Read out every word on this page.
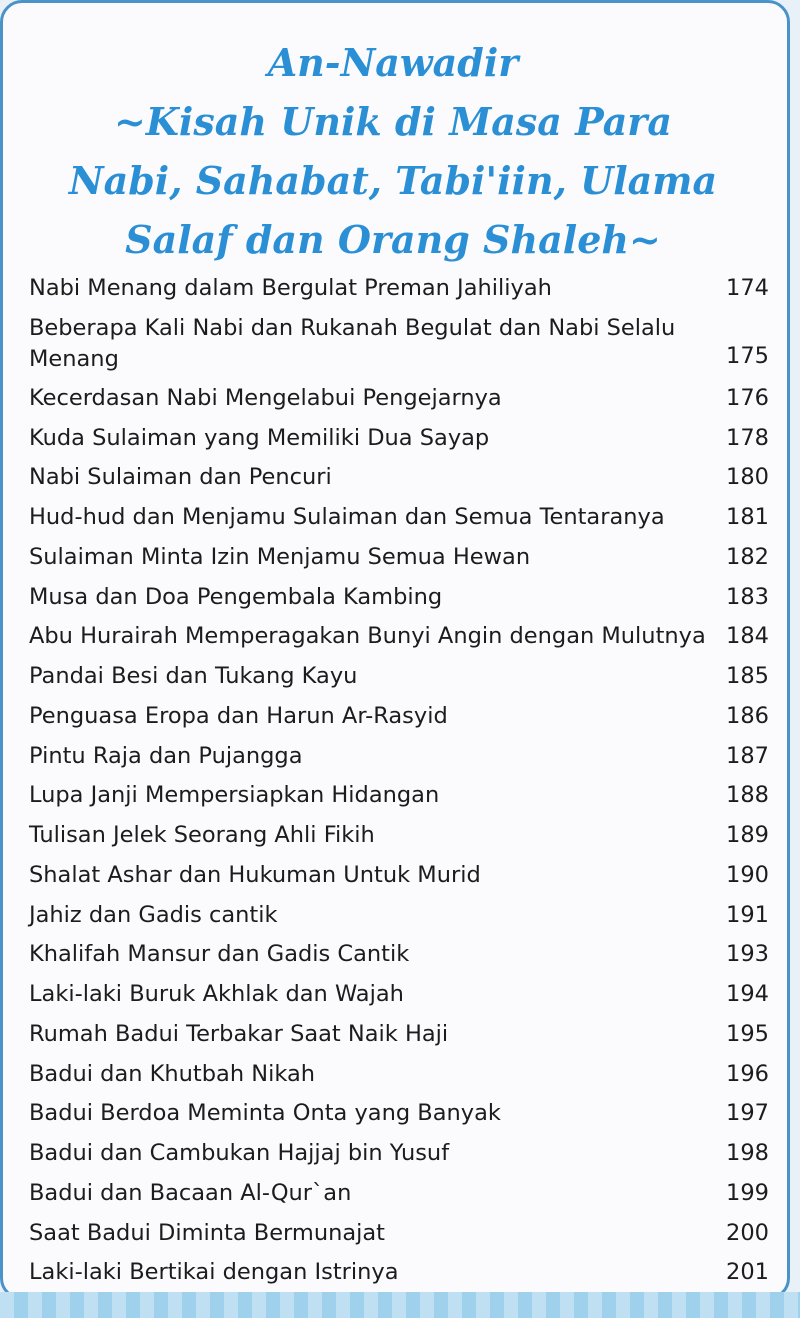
An-Nawadir
~Kisah Unik di Masa Para
Nabi, Sahabat, Tabi'iin, Ulama
Salaf dan Orang Shaleh~
Nabi Menang dalam Bergulat Preman Jahiliyah	174
Beberapa Kali Nabi dan Rukanah Begulat dan Nabi Selalu Menang	175
Kecerdasan Nabi Mengelabui Pengejarnya	176
Kuda Sulaiman yang Memiliki Dua Sayap	178
Nabi Sulaiman dan Pencuri	180
Hud-hud dan Menjamu Sulaiman dan Semua Tentaranya	181
Sulaiman Minta Izin Menjamu Semua Hewan	182
Musa dan Doa Pengembala Kambing	183
Abu Hurairah Memperagakan Bunyi Angin dengan Mulutnya 184
Pandai Besi dan Tukang Kayu	185
Penguasa Eropa dan Harun Ar-Rasyid	186
Pintu Raja dan Pujangga	187
Lupa Janji Mempersiapkan Hidangan	188
Tulisan Jelek Seorang Ahli Fikih	189
Shalat Ashar dan Hukuman Untuk Murid	190
Jahiz dan Gadis cantik	191
Khalifah Mansur dan Gadis Cantik	193
Laki-laki Buruk Akhlak dan Wajah	194
Rumah Badui Terbakar Saat Naik Haji	195
Badui dan Khutbah Nikah	196
Badui Berdoa Meminta Onta yang Banyak	197
Badui dan Cambukan Hajjaj bin Yusuf	198
Badui dan Bacaan Al-Qur`an	199
Saat Badui Diminta Bermunajat	200
Laki-laki Bertikai dengan Istrinya	201
